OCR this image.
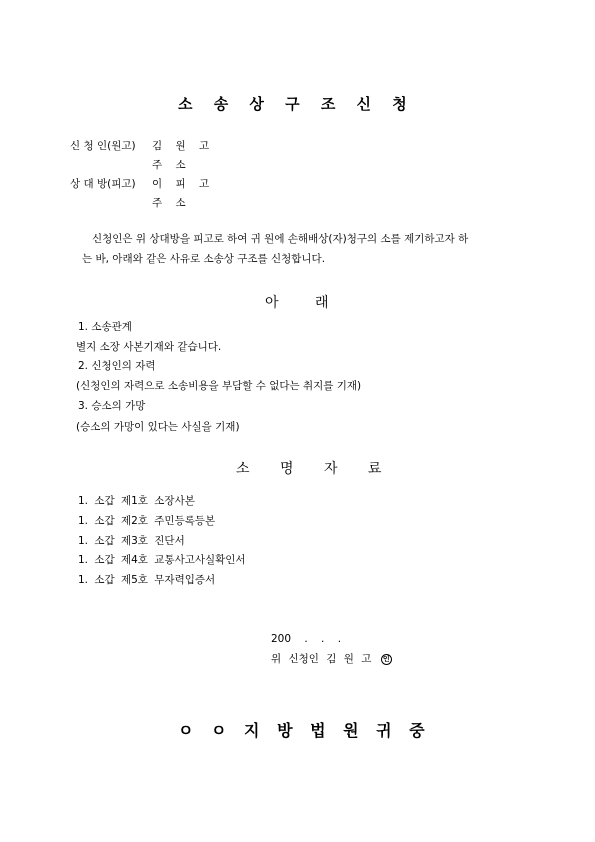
소 송 상 구 조 신 청
신 청 인(원고) 김 원 고
주 소
상 대 방(피고) 이 피 고
주 소
신청인은 위 상대방을 피고로 하여 귀 원에 손해배상(자)청구의 소를 제기하고자 하
는 바, 아래와 같은 사유로 소송상 구조를 신청합니다.
아 래
1. 소송관계
별지 소장 사본기재와 같습니다.
2. 신청인의 자력
(신청인의 자력으로 소송비용을 부담할 수 없다는 취지를 기재)
3. 승소의 가망
(승소의 가망이 있다는 사실을 기재)
소 명 자 료
1. 소갑 제1호 소장사본
1. 소갑 제2호 주민등록등본
1. 소갑 제3호 진단서
1. 소갑 제4호 교통사고사실확인서
1. 소갑 제5호 무자력입증서
200 . . .
위 신청인 김 원 고 인
ㅇ ㅇ 지 방 법 원 귀 중
